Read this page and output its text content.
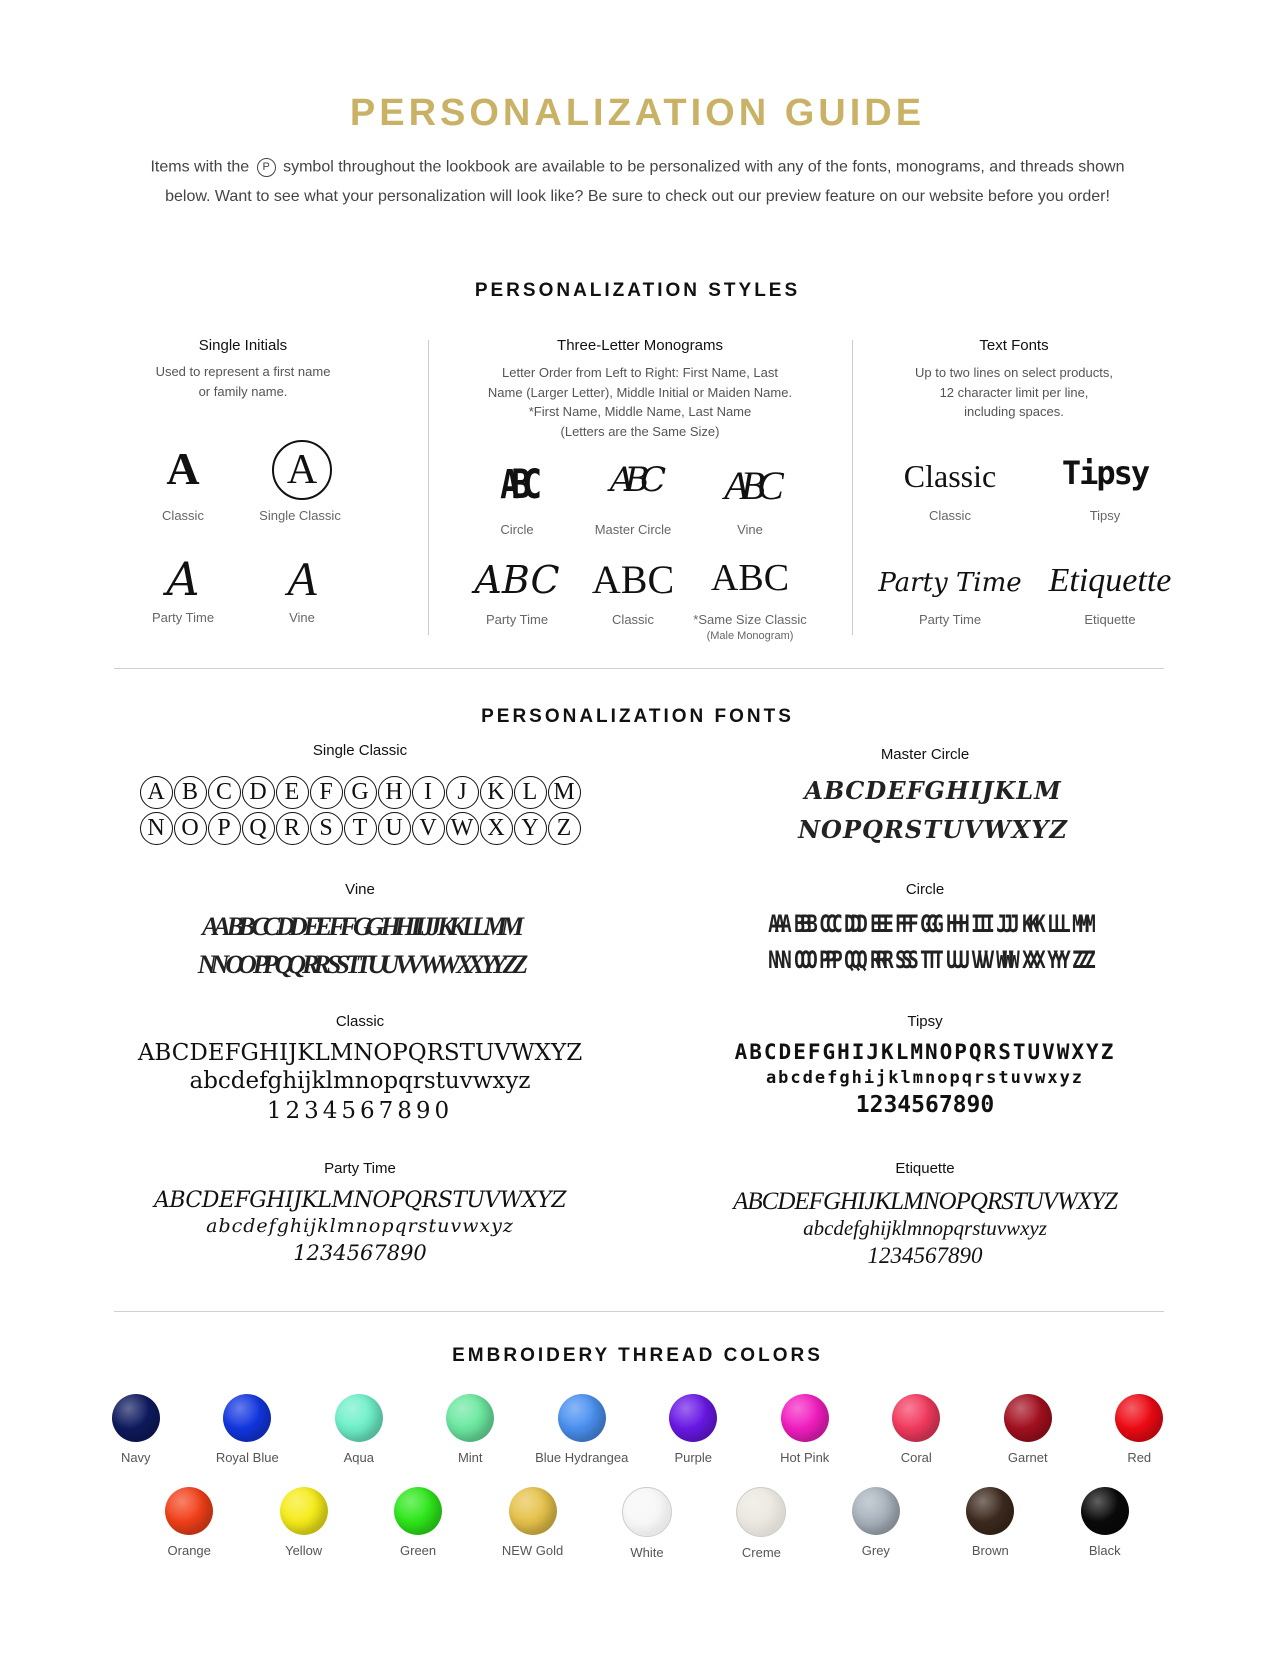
PERSONALIZATION GUIDE
Items with the P symbol throughout the lookbook are available to be personalized with any of the fonts, monograms, and threads shown
below. Want to see what your personalization will look like? Be sure to check out our preview feature on our website before you order!
PERSONALIZATION STYLES
Single Initials
Used to represent a first name
or family name.
A
Classic
A
Single Classic
A
Party Time
A
Vine
Three-Letter Monograms
Letter Order from Left to Right: First Name, Last
Name (Larger Letter), Middle Initial or Maiden Name.
*First Name, Middle Name, Last Name
(Letters are the Same Size)
ABC
Circle
ABC
Master Circle
ABC
Vine
ABC
Party Time
ABC
Classic
ABC
*Same Size Classic
(Male Monogram)
Text Fonts
Up to two lines on select products,
12 character limit per line,
including spaces.
Classic
Classic
Tipsy
Tipsy
Party Time
Party Time
Etiquette
Etiquette
PERSONALIZATION FONTS
Single Classic
A B C D E F G H I	J K L M
N O P Q R S T U V W X Y Z
Master Circle
A B C D E F G H I J K L M
N O P Q R S T U V W X Y Z
Vine
AA BB CC DD EE FF GG HH II JJ KK LL MM
NN OO PP QQ RR SS TT UU VV WW XX YY ZZ
Circle
AAA BBB CCC DDD EEE FFF GGG HHH III JJJ KKK LLL MMM
NNN OOO PPP QQQ RRR SSS TTT UUU VVV WWW XXX YYY ZZZ
Classic
ABCDEFGHIJKLMNOPQRSTUVWXYZ
abcdefghijklmnopqrstuvwxyz
1234567890
Tipsy
ABCDEFGHIJKLMNOPQRSTUVWXYZ
abcdefghijklmnopqrstuvwxyz
1234567890
Party Time
ABCDEFGHIJKLMNOPQRSTUVWXYZ
abcdefghijklmnopqrstuvwxyz
1234567890
Etiquette
ABCDEFGHIJKLMNOPQRSTUVWXYZ
abcdefghijklmnopqrstuvwxyz
1234567890
EMBROIDERY THREAD COLORS
Navy	Royal Blue	Aqua	Mint	Blue Hydrangea	Purple	Hot Pink	Coral	Garnet	Red
Orange	Yellow	Green	NEW Gold	White	Creme	Grey	Brown	Black
